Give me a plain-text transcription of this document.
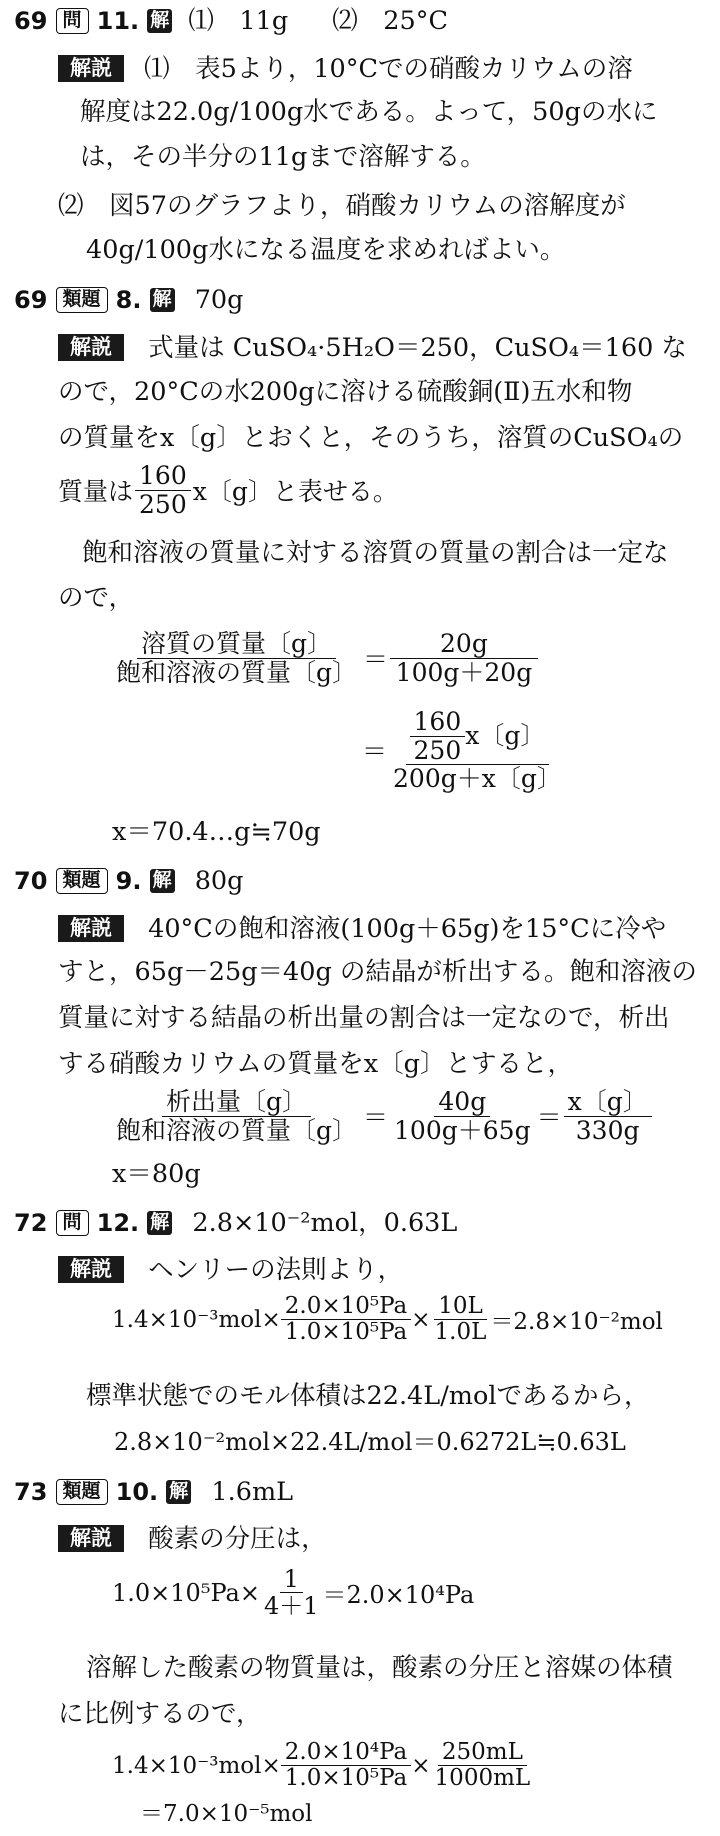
69 問 11. 解 ⑴　11g ⑵　25°C
解説 ⑴　表5より，10°Cでの硝酸カリウムの溶
解度は22.0g/100g水である。よって，50gの水に
は，その半分の11gまで溶解する。
⑵　図57のグラフより，硝酸カリウムの溶解度が
40g/100g水になる温度を求めればよい。
69 類題 8. 解 70g
解説 式量は CuSO₄·5H₂O＝250，CuSO₄＝160 な
ので，20°Cの水200gに溶ける硫酸銅(Ⅱ)五水和物
の質量をx〔g〕とおくと，そのうち，溶質のCuSO₄の
質量は $\frac{160}{250}$ x〔g〕と表せる。
飽和溶液の質量に対する溶質の質量の割合は一定な
ので，
$\frac{\text{溶質の質量〔g〕}}{\text{飽和溶液の質量〔g〕}} = \frac{20g}{100g+20g}$
＝ $\frac{\frac{160}{250} x〔g〕}{200g+x〔g〕}$
x＝70.4…g≒70g
70 類題 9. 解 80g
解説 40°Cの飽和溶液(100g＋65g)を15°Cに冷や
すと，65g－25g＝40g の結晶が析出する。飽和溶液の
質量に対する結晶の析出量の割合は一定なので，析出
する硝酸カリウムの質量をx〔g〕とすると，
$\frac{\text{析出量〔g〕}}{\text{飽和溶液の質量〔g〕}} = \frac{40g}{100g+65g} = \frac{x〔g〕}{330g}$
x＝80g
72 問 12. 解 2.8×10⁻²mol，0.63L
解説 ヘンリーの法則より，
$1.4\times 10^{-3}mol\times \frac{\text{2.0×10⁵Pa}}{\text{1.0×10⁵Pa}} \times \frac{10L}{1.0L} =2.8\times 10^{-2}mol$
標準状態でのモル体積は22.4L/molであるから，
2.8×10⁻²mol×22.4L/mol＝0.6272L≒0.63L
73 類題 10. 解 1.6mL
解説 酸素の分圧は，
$1.0\times 10^5Pa\times \frac{1}{4+1} =2.0\times 10^4Pa$
溶解した酸素の物質量は，酸素の分圧と溶媒の体積
に比例するので，
$1.4\times 10^{-3}mol\times \frac{\text{2.0×10⁴Pa}}{\text{1.0×10⁵Pa}} \times \frac{250mL}{1000mL}$
＝7.0×10⁻⁵mol
